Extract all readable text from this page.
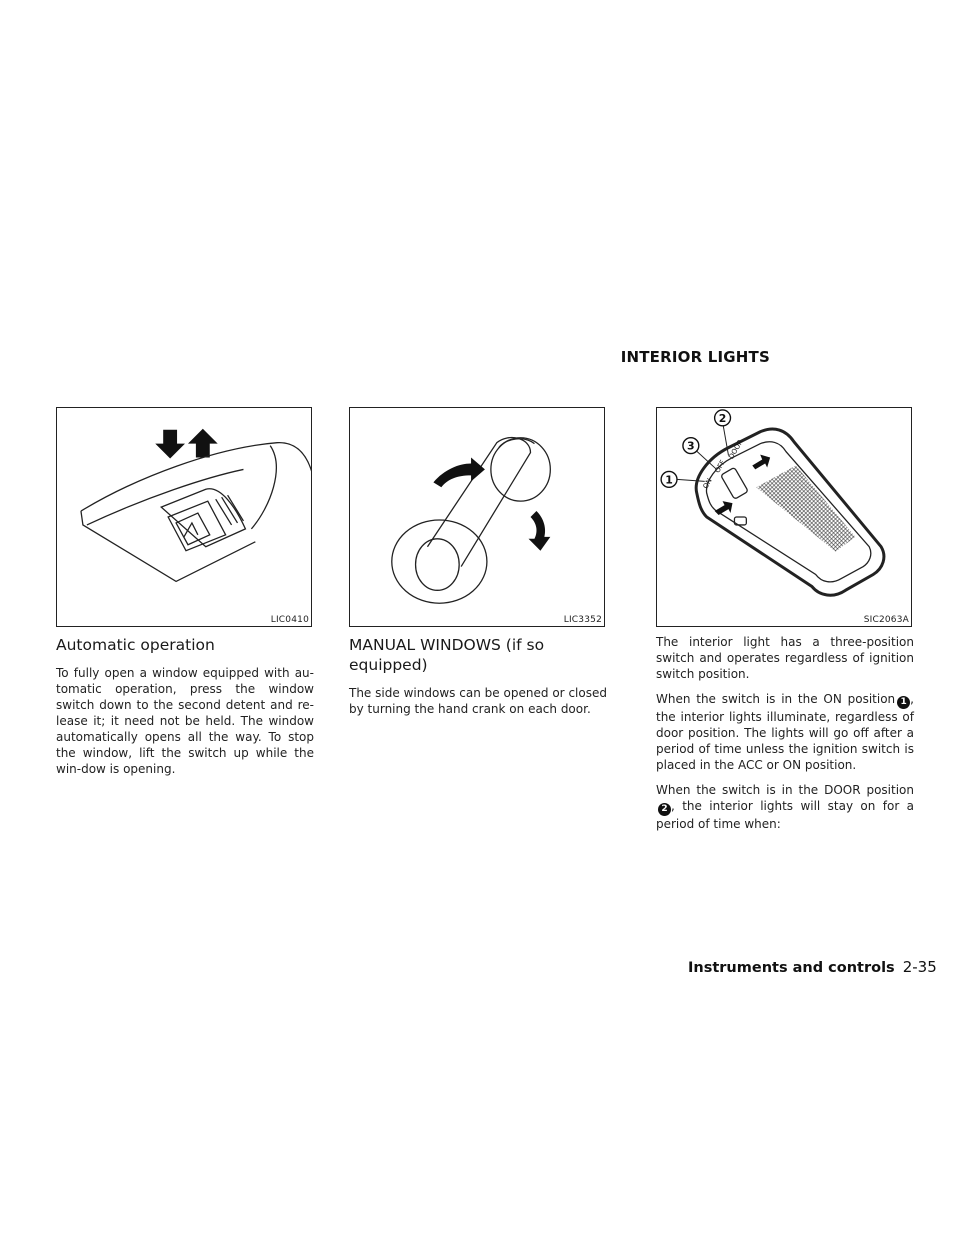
INTERIOR LIGHTS
LIC0410
Automatic operation

To fully open a window equipped with au-tomatic operation, press the window switch down to the second detent and re-lease it; it need not be held. The window automatically opens all the way. To stop the window, lift the switch up while the win-dow is opening.

LIC3352
MANUAL WINDOWS (if so equipped)

The side windows can be opened or closed by turning the hand crank on each door.

ON
OFF
DOOR
1
3
2
SIC2063A

The interior light has a three-position switch and operates regardless of ignition switch position.

When the switch is in the ON position 1 , the interior lights illuminate, regardless of door position. The lights will go off after a period of time unless the ignition switch is placed in the ACC or ON position.

When the switch is in the DOOR position2 , the interior lights will stay on for a period of time when:

Instruments and controls 2-35
